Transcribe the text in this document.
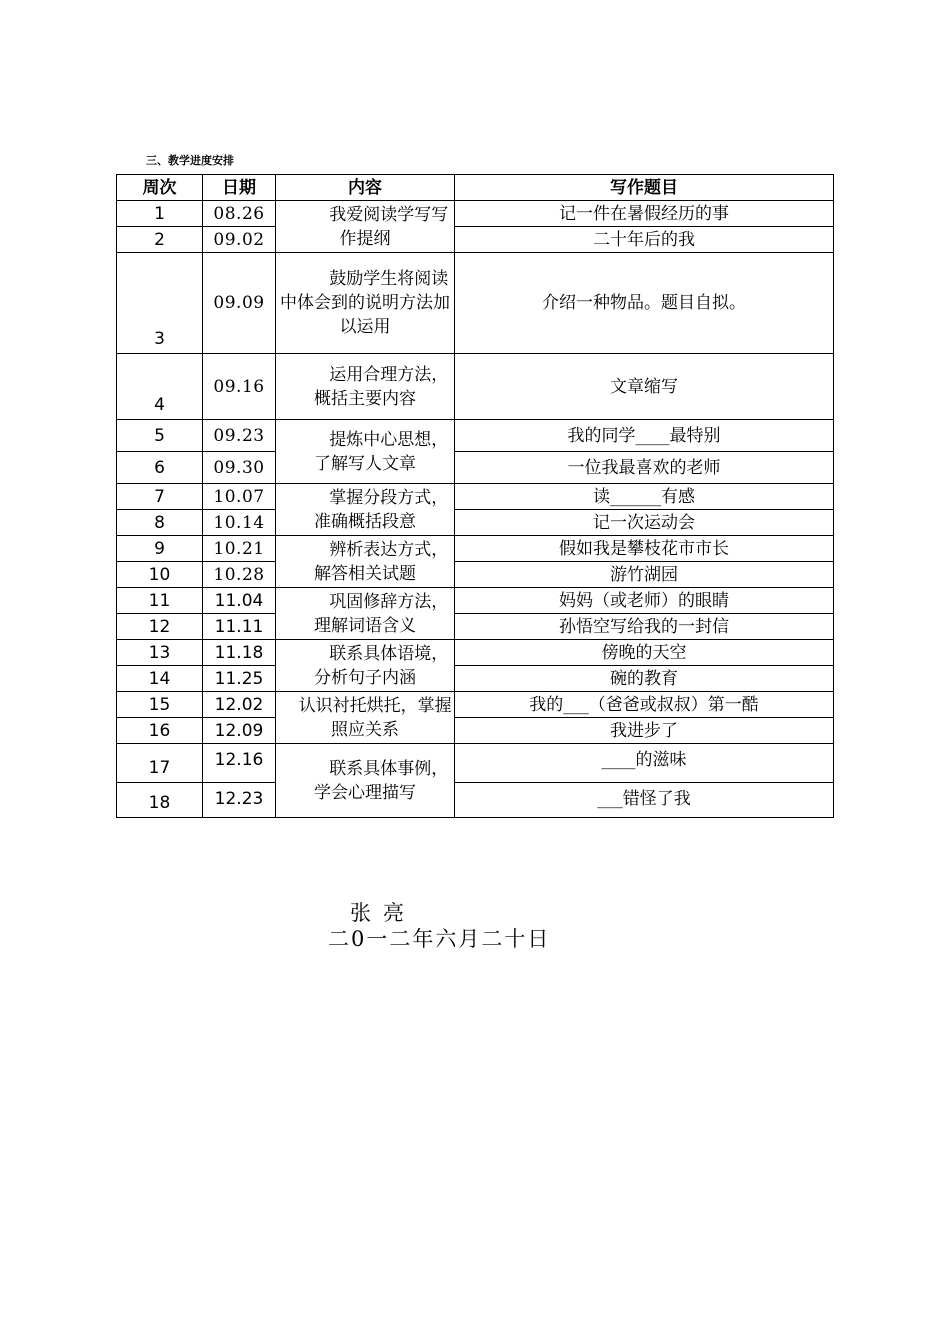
三、教学进度安排
周次	日期	内容	写作题目
1	08.26	我爱阅读学写写作提纲	记一件在暑假经历的事
2	09.02		二十年后的我
3	09.09	鼓励学生将阅读中体会到的说明方法加以运用	介绍一种物品。题目自拟。
4	09.16	运用合理方法，概括主要内容	文章缩写
5	09.23	提炼中心思想，了解写人文章	我的同学____最特别
6	09.30		一位我最喜欢的老师
7	10.07	掌握分段方式，准确概括段意	读______有感
8	10.14		记一次运动会
9	10.21	辨析表达方式，解答相关试题	假如我是攀枝花市市长
10	10.28		游竹湖园
11	11.04	巩固修辞方法，理解词语含义	妈妈（或老师）的眼睛
12	11.11		孙悟空写给我的一封信
13	11.18	联系具体语境，分析句子内涵	傍晚的天空
14	11.25		碗的教育
15	12.02	认识衬托烘托，掌握照应关系	我的___（爸爸或叔叔）第一酷
16	12.09		我进步了
17	12.16	联系具体事例，学会心理描写	____的滋味
18	12.23		___错怪了我
张亮
二0一二年六月二十日
